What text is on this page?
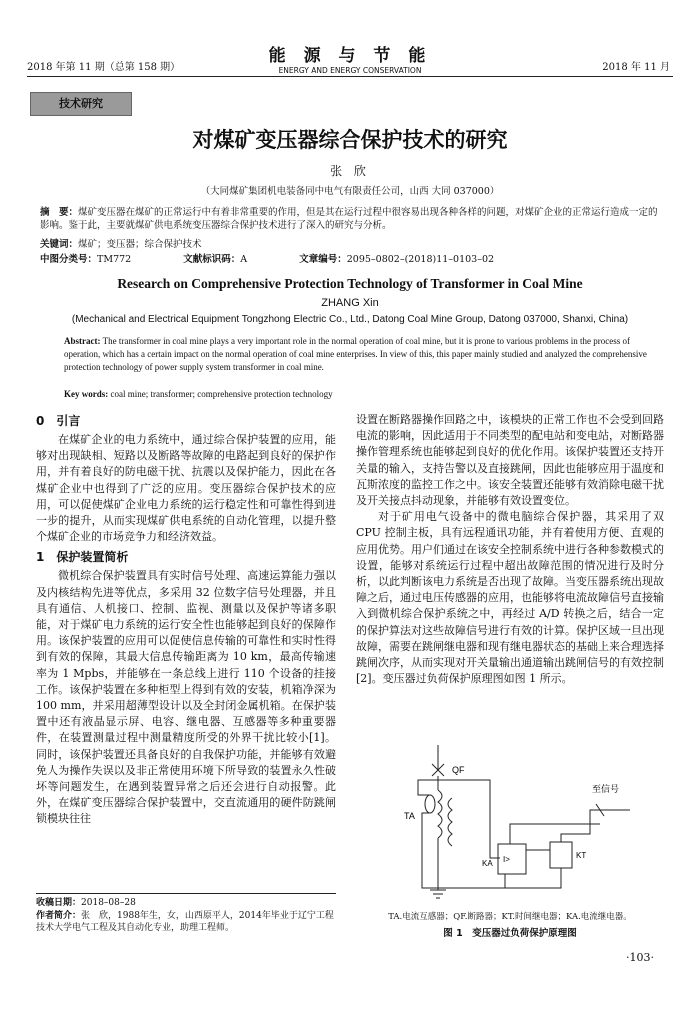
2018 年第 11 期（总第 158 期）
能 源 与 节 能
ENERGY AND ENERGY CONSERVATION	2018 年 11 月
技术研究
对煤矿变压器综合保护技术的研究
张 欣
（大同煤矿集团机电装备同中电气有限责任公司，山西 大同 037000）
摘　要：煤矿变压器在煤矿的正常运行中有着非常重要的作用，但是其在运行过程中很容易出现各种各样的问题，对煤矿企业的正常运行造成一定的影响。鉴于此，主要就煤矿供电系统变压器综合保护技术进行了深入的研究与分析。
关键词：煤矿；变压器；综合保护技术
中图分类号：TM772	文献标识码：A	文章编号：2095–0802–(2018)11–0103–02
Research on Comprehensive Protection Technology of Transformer in Coal Mine
ZHANG Xin
(Mechanical and Electrical Equipment Tongzhong Electric Co., Ltd., Datong Coal Mine Group, Datong 037000, Shanxi, China)
Abstract: The transformer in coal mine plays a very important role in the normal operation of coal mine, but it is prone to various problems in the process of operation, which has a certain impact on the normal operation of coal mine enterprises. In view of this, this paper mainly studied and analyzed the comprehensive protection technology of power supply system transformer in coal mine.
Key words: coal mine; transformer; comprehensive protection technology
0　引言

在煤矿企业的电力系统中，通过综合保护装置的应用，能够对出现缺相、短路以及断路等故障的电路起到良好的保护作用，并有着良好的防电磁干扰、抗震以及保护能力，因此在各煤矿企业中也得到了广泛的应用。变压器综合保护技术的应用，可以促使煤矿企业电力系统的运行稳定性和可靠性得到进一步的提升，从而实现煤矿供电系统的自动化管理，以提升整个煤矿企业的市场竞争力和经济效益。

1　保护装置简析

微机综合保护装置具有实时信号处理、高速运算能力强以及内核结构先进等优点，多采用 32 位数字信号处理器，并且具有通信、人机接口、控制、监视、测量以及保护等诸多职能，对于煤矿电力系统的运行安全性也能够起到良好的保障作用。该保护装置的应用可以促使信息传输的可靠性和实时性得到有效的保障，其最大信息传输距离为 10 km，最高传输速率为 1 Mpbs，并能够在一条总线上进行 110 个设备的挂接工作。该保护装置在多种柜型上得到有效的安装，机箱净深为 100 mm，并采用超薄型设计以及全封闭金属机箱。在保护装置中还有液晶显示屏、电容、继电器、互感器等多种重要器件，在装置测量过程中测量精度所受的外界干扰比较小[1]。同时，该保护装置还具备良好的自我保护功能，并能够有效避免人为操作失误以及非正常使用环境下所导致的装置永久性破坏等问题发生，在遇到装置异常之后还会进行自动报警。此外，在煤矿变压器综合保护装置中，交直流通用的硬件防跳闸锁模块往往

收稿日期：2018–08–28
作者简介：张　欣，1988年生，女，山西原平人，2014年毕业于辽宁工程技术大学电气工程及其自动化专业，助理工程师。

设置在断路器操作回路之中，该模块的正常工作也不会受到回路电流的影响，因此适用于不同类型的配电站和变电站，对断路器操作管理系统也能够起到良好的优化作用。该保护装置还支持开关量的输入，支持告警以及直接跳闸，因此也能够应用于温度和瓦斯浓度的监控工作之中。该安全装置还能够有效消除电磁干扰及开关接点抖动现象，并能够有效设置变位。

对于矿用电气设备中的微电脑综合保护器，其采用了双 CPU 控制主板，具有远程通讯功能，并有着使用方便、直观的应用优势。用户们通过在该安全控制系统中进行各种参数模式的设置，能够对系统运行过程中超出故障范围的情况进行及时分析，以此判断该电力系统是否出现了故障。当变压器系统出现故障之后，通过电压传感器的应用，也能够将电流故障信号直接输入到微机综合保护系统之中，再经过 A/D 转换之后，结合一定的保护算法对这些故障信号进行有效的计算。保护区域一旦出现故障，需要在跳闸继电器和现有继电器状态的基础上来合理选择跳闸次序，从而实现对开关量输出通道输出跳闸信号的有效控制[2]。变压器过负荷保护原理图如图 1 所示。

QF
TA
I>
KA
KT
至信号
TA.电流互感器；QF.断路器；KT.时间继电器；KA.电流继电器。
图 1　变压器过负荷保护原理图
·103·
